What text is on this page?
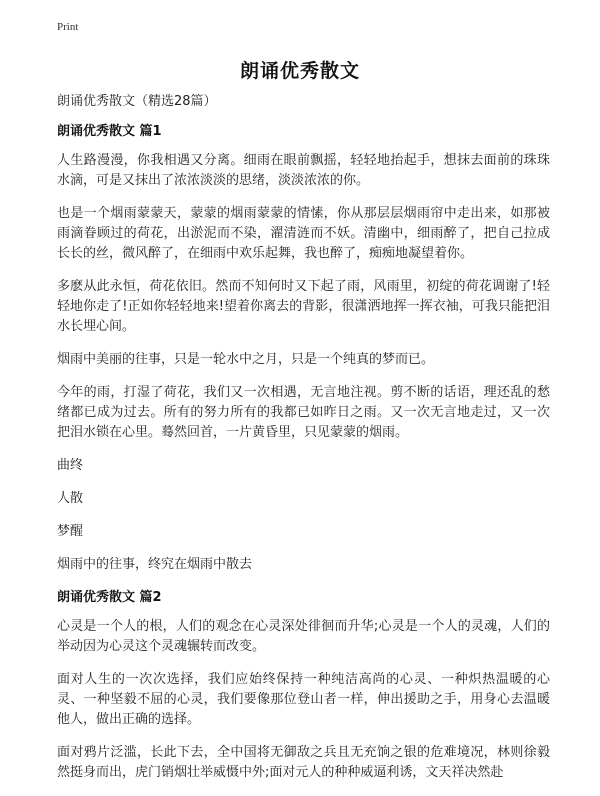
Print
朗诵优秀散文

朗诵优秀散文（精选28篇）

朗诵优秀散文 篇1

人生路漫漫，你我相遇又分离。细雨在眼前飘摇，轻轻地抬起手，想抹去面前的珠珠水滴，可是又抹出了浓浓淡淡的思绪，淡淡浓浓的你。

也是一个烟雨蒙蒙天，蒙蒙的烟雨蒙蒙的情愫，你从那层层烟雨帘中走出来，如那被雨滴眷顾过的荷花，出淤泥而不染，濯清涟而不妖。清幽中，细雨醉了，把自己拉成长长的丝，微风醉了，在细雨中欢乐起舞，我也醉了，痴痴地凝望着你。

多麽从此永恒，荷花依旧。然而不知何时又下起了雨，风雨里，初绽的荷花调谢了!轻轻地你走了!正如你轻轻地来!望着你离去的背影，很潇洒地挥一挥衣袖，可我只能把泪水长埋心间。

烟雨中美丽的往事，只是一轮水中之月，只是一个纯真的梦而已。

今年的雨，打湿了荷花，我们又一次相遇，无言地注视。剪不断的话语，理还乱的愁绪都已成为过去。所有的努力所有的我都已如昨日之雨。又一次无言地走过，又一次把泪水锁在心里。蓦然回首，一片黄昏里，只见蒙蒙的烟雨。

曲终

人散

梦醒

烟雨中的往事，终究在烟雨中散去

朗诵优秀散文 篇2

心灵是一个人的根，人们的观念在心灵深处徘徊而升华;心灵是一个人的灵魂，人们的举动因为心灵这个灵魂辗转而改变。

面对人生的一次次选择，我们应始终保持一种纯洁高尚的心灵、一种炽热温暖的心灵、一种坚毅不屈的心灵，我们要像那位登山者一样，伸出援助之手，用身心去温暖他人，做出正确的选择。

面对鸦片泛滥，长此下去，全中国将无御敌之兵且无充饷之银的危难境况，林则徐毅然挺身而出，虎门销烟壮举威慑中外;面对元人的种种威逼利诱，文天祥决然赴
